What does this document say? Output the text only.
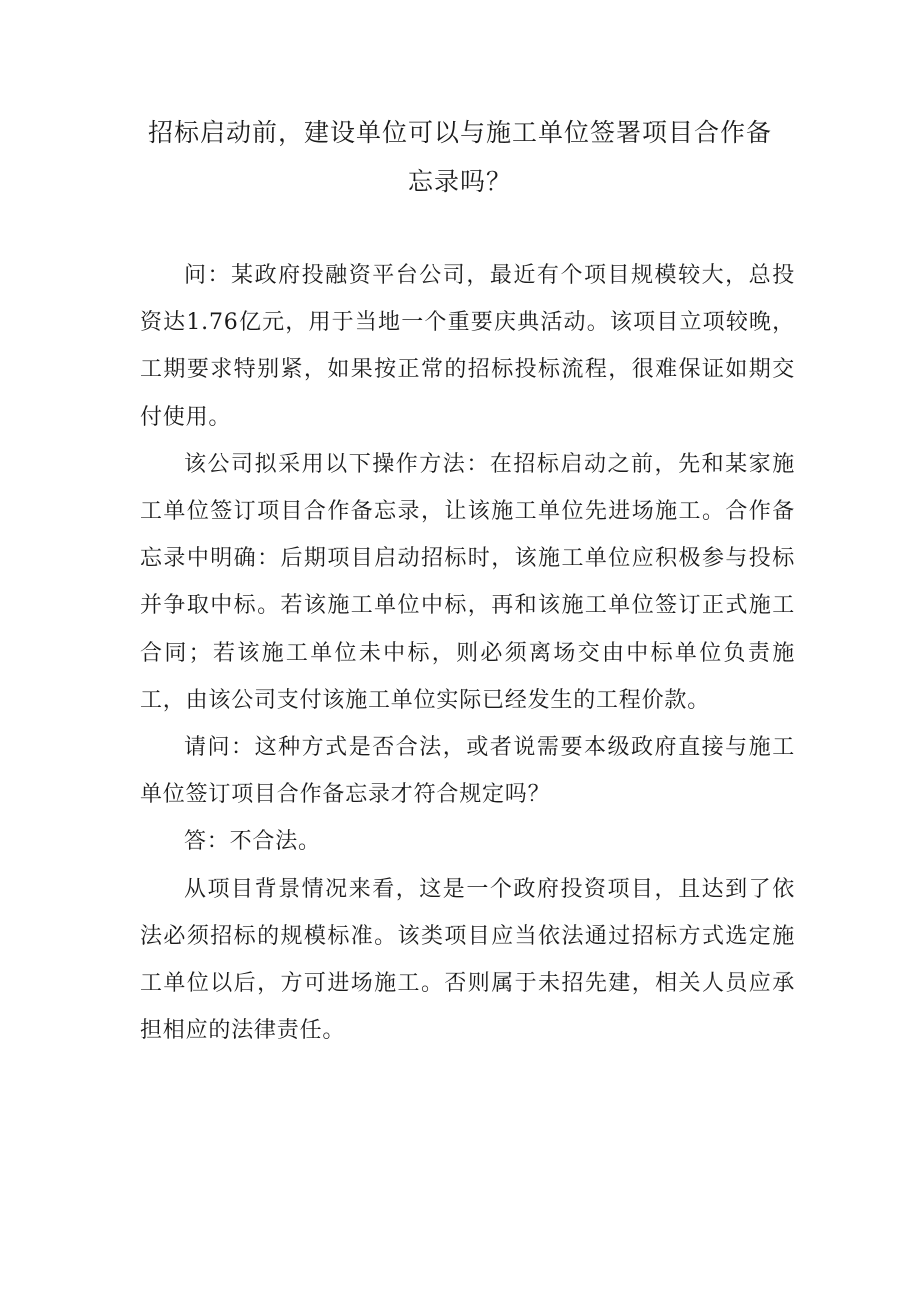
招标启动前，建设单位可以与施工单位签署项目合作备忘录吗？

问：某政府投融资平台公司，最近有个项目规模较大，总投资达1.76亿元，用于当地一个重要庆典活动。该项目立项较晚，工期要求特别紧，如果按正常的招标投标流程，很难保证如期交付使用。

该公司拟采用以下操作方法：在招标启动之前，先和某家施工单位签订项目合作备忘录，让该施工单位先进场施工。合作备忘录中明确：后期项目启动招标时，该施工单位应积极参与投标并争取中标。若该施工单位中标，再和该施工单位签订正式施工合同；若该施工单位未中标，则必须离场交由中标单位负责施工，由该公司支付该施工单位实际已经发生的工程价款。

请问：这种方式是否合法，或者说需要本级政府直接与施工单位签订项目合作备忘录才符合规定吗？

答：不合法。

从项目背景情况来看，这是一个政府投资项目，且达到了依法必须招标的规模标准。该类项目应当依法通过招标方式选定施工单位以后，方可进场施工。否则属于未招先建，相关人员应承担相应的法律责任。
